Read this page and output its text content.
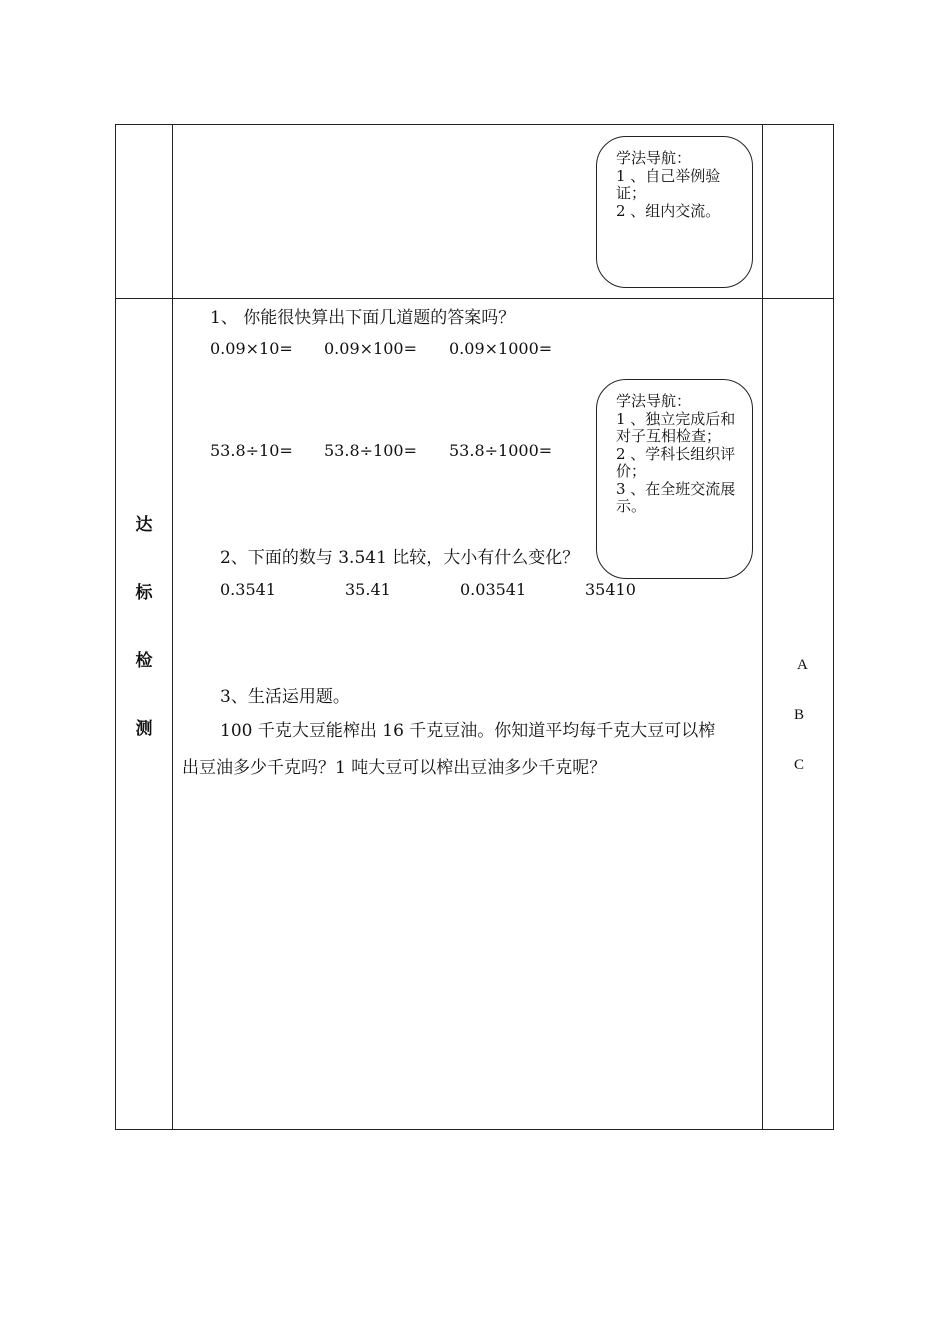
学法导航：
1 、自己举例验证；
2 、组内交流。
达
标
检
测
1、 你能很快算出下面几道题的答案吗？
0.09×10= 0.09×100= 0.09×1000=
53.8÷10= 53.8÷100= 53.8÷1000=
2、下面的数与 3.541 比较，大小有什么变化？
0.3541	35.41	0.03541	35410
学法导航：
1 、独立完成后和对子互相检查；
2 、学科长组织评价；
3 、在全班交流展示。
3、生活运用题。
100 千克大豆能榨出 16 千克豆油。你知道平均每千克大豆可以榨
出豆油多少千克吗？1 吨大豆可以榨出豆油多少千克呢？
A
B
C
